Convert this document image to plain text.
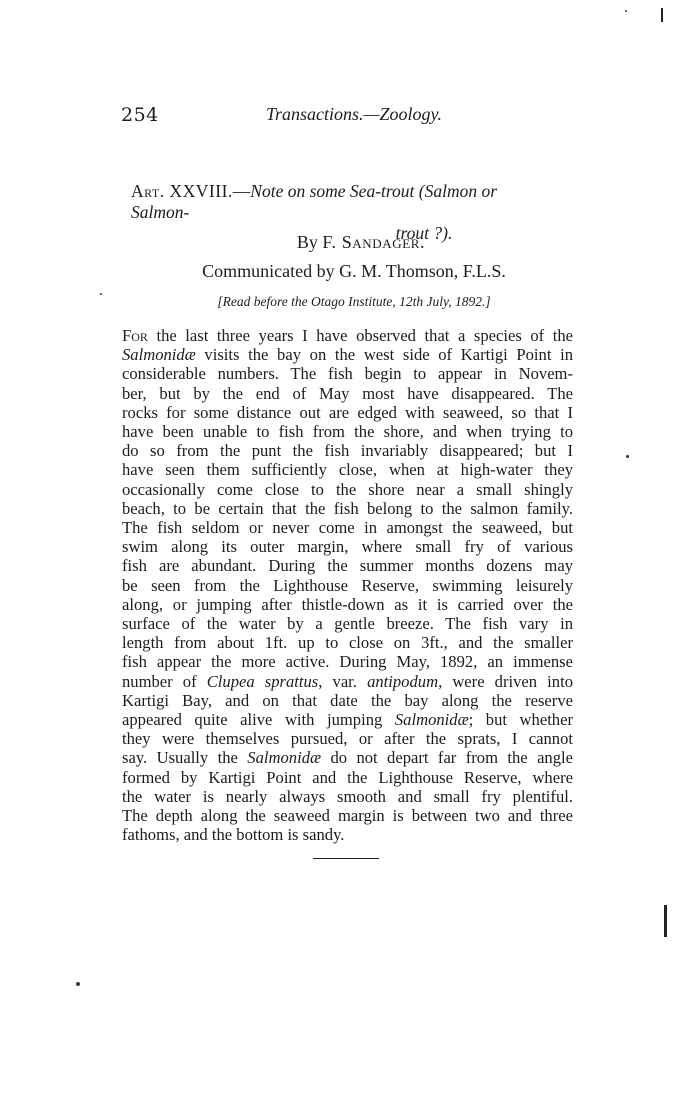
254	Transactions.—Zoology.
Art. XXVIII.—Note on some Sea-trout (Salmon or Salmon-
trout ?).
By F. Sandager.
Communicated by G. M. Thomson, F.L.S.
[Read before the Otago Institute, 12th July, 1892.]
For the last three years I have observed that a species of the
Salmonidæ visits the bay on the west side of Kartigi Point in
considerable numbers. The fish begin to appear in Novem-
ber, but by the end of May most have disappeared. The
rocks for some distance out are edged with seaweed, so that I
have been unable to fish from the shore, and when trying to
do so from the punt the fish invariably disappeared; but I
have seen them sufficiently close, when at high-water they
occasionally come close to the shore near a small shingly
beach, to be certain that the fish belong to the salmon family.
The fish seldom or never come in amongst the seaweed, but
swim along its outer margin, where small fry of various
fish are abundant. During the summer months dozens may
be seen from the Lighthouse Reserve, swimming leisurely
along, or jumping after thistle-down as it is carried over the
surface of the water by a gentle breeze. The fish vary in
length from about 1ft. up to close on 3ft., and the smaller
fish appear the more active. During May, 1892, an immense
number of Clupea sprattus, var. antipodum, were driven into
Kartigi Bay, and on that date the bay along the reserve
appeared quite alive with jumping Salmonidæ; but whether
they were themselves pursued, or after the sprats, I cannot
say. Usually the Salmonidæ do not depart far from the angle
formed by Kartigi Point and the Lighthouse Reserve, where
the water is nearly always smooth and small fry plentiful.
The depth along the seaweed margin is between two and three
fathoms, and the bottom is sandy.
